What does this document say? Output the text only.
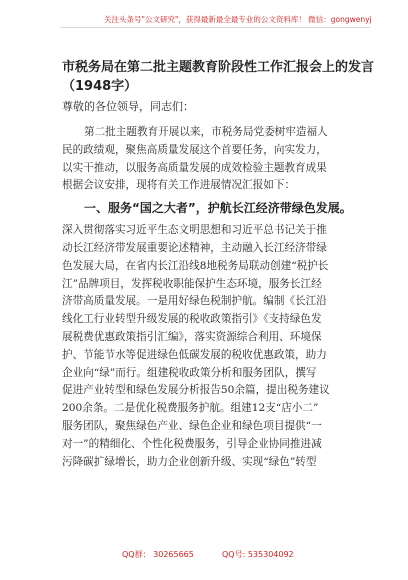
关注头条号"公文研究"，获得最新最全最专业的公文资料库！ 微信：gongwenyj
市税务局在第二批主题教育阶段性工作汇报会上的发言
（1948字）
尊敬的各位领导，同志们：
第二批主题教育开展以来，市税务局党委树牢造福人
民的政绩观，聚焦高质量发展这个首要任务，向实发力，
以实干推动，以服务高质量发展的成效检验主题教育成果
根据会议安排，现将有关工作进展情况汇报如下：
一、服务“国之大者”，护航长江经济带绿色发展。
深入贯彻落实习近平生态文明思想和习近平总书记关于推
动长江经济带发展重要论述精神，主动融入长江经济带绿
色发展大局，在省内长江沿线8地税务局联动创建“税护长
江”品牌项目，发挥税收职能保护生态环境，服务长江经
济带高质量发展。一是用好绿色税制护航。编制《长江沿
线化工行业转型升级发展的税收政策指引》《支持绿色发
展税费优惠政策指引汇编》，落实资源综合利用、环境保
护、节能节水等促进绿色低碳发展的税收优惠政策，助力
企业向“绿”而行。组建税收政策分析和服务团队，撰写
促进产业转型和绿色发展分析报告50余篇，提出税务建议
200余条。二是优化税费服务护航。组建12支“店小二”
服务团队，聚焦绿色产业、绿色企业和绿色项目提供“一
对一”的精细化、个性化税费服务，引导企业协同推进减
污降碳扩绿增长，助力企业创新升级、实现“绿色”转型
QQ群： 30265665	QQ号: 535304092
